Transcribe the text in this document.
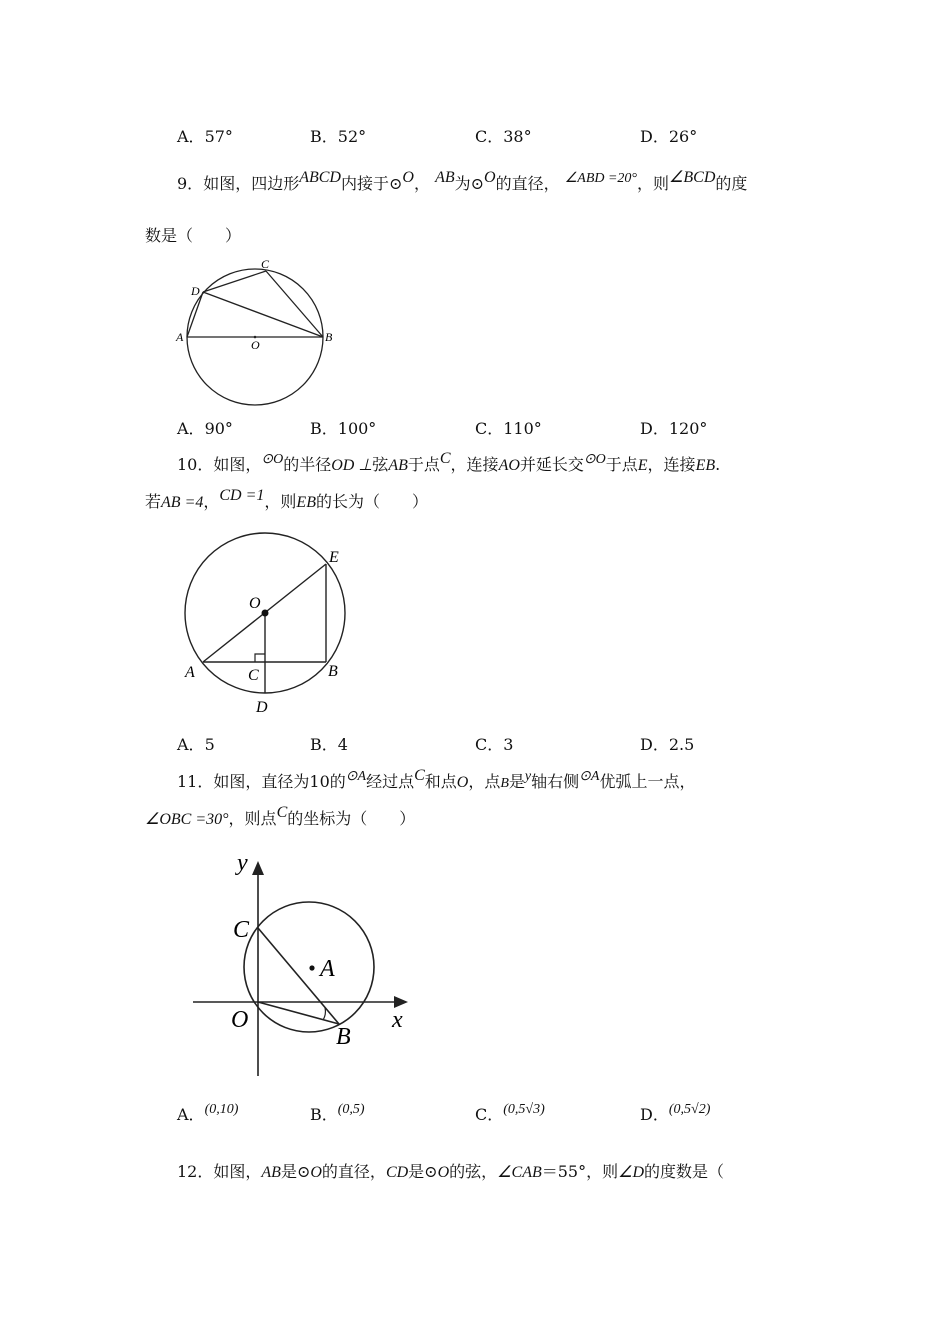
A．57°	B．52°	C．38°	D．26°
9．如图，四边形ABCD内接于⊙O， AB为⊙O的直径， ∠ABD =20°，则∠BCD的度
数是（　　）
A	B
C
D
O
A．90°	B．100°	C．110°	D．120°
10．如图，⊙O的半径OD ⊥弦AB于点C，连接AO并延长交⊙O于点E，连接EB.
若AB =4，CD =1，则EB的长为（　　）
A	B
C
D
E
O
A．5	B．4	C．3	D．2.5
11．如图，直径为10的⊙A经过点C和点O，点B是y轴右侧⊙A优弧上一点，
∠OBC =30°，则点C的坐标为（　　）
y
x
C
A
O
B
A．(0,10)	B．(0,5)	C．(0,5√3)	D．(0,5√2)
12．如图，AB是⊙O的直径，CD是⊙O的弦，∠CAB＝55°，则∠D的度数是（
